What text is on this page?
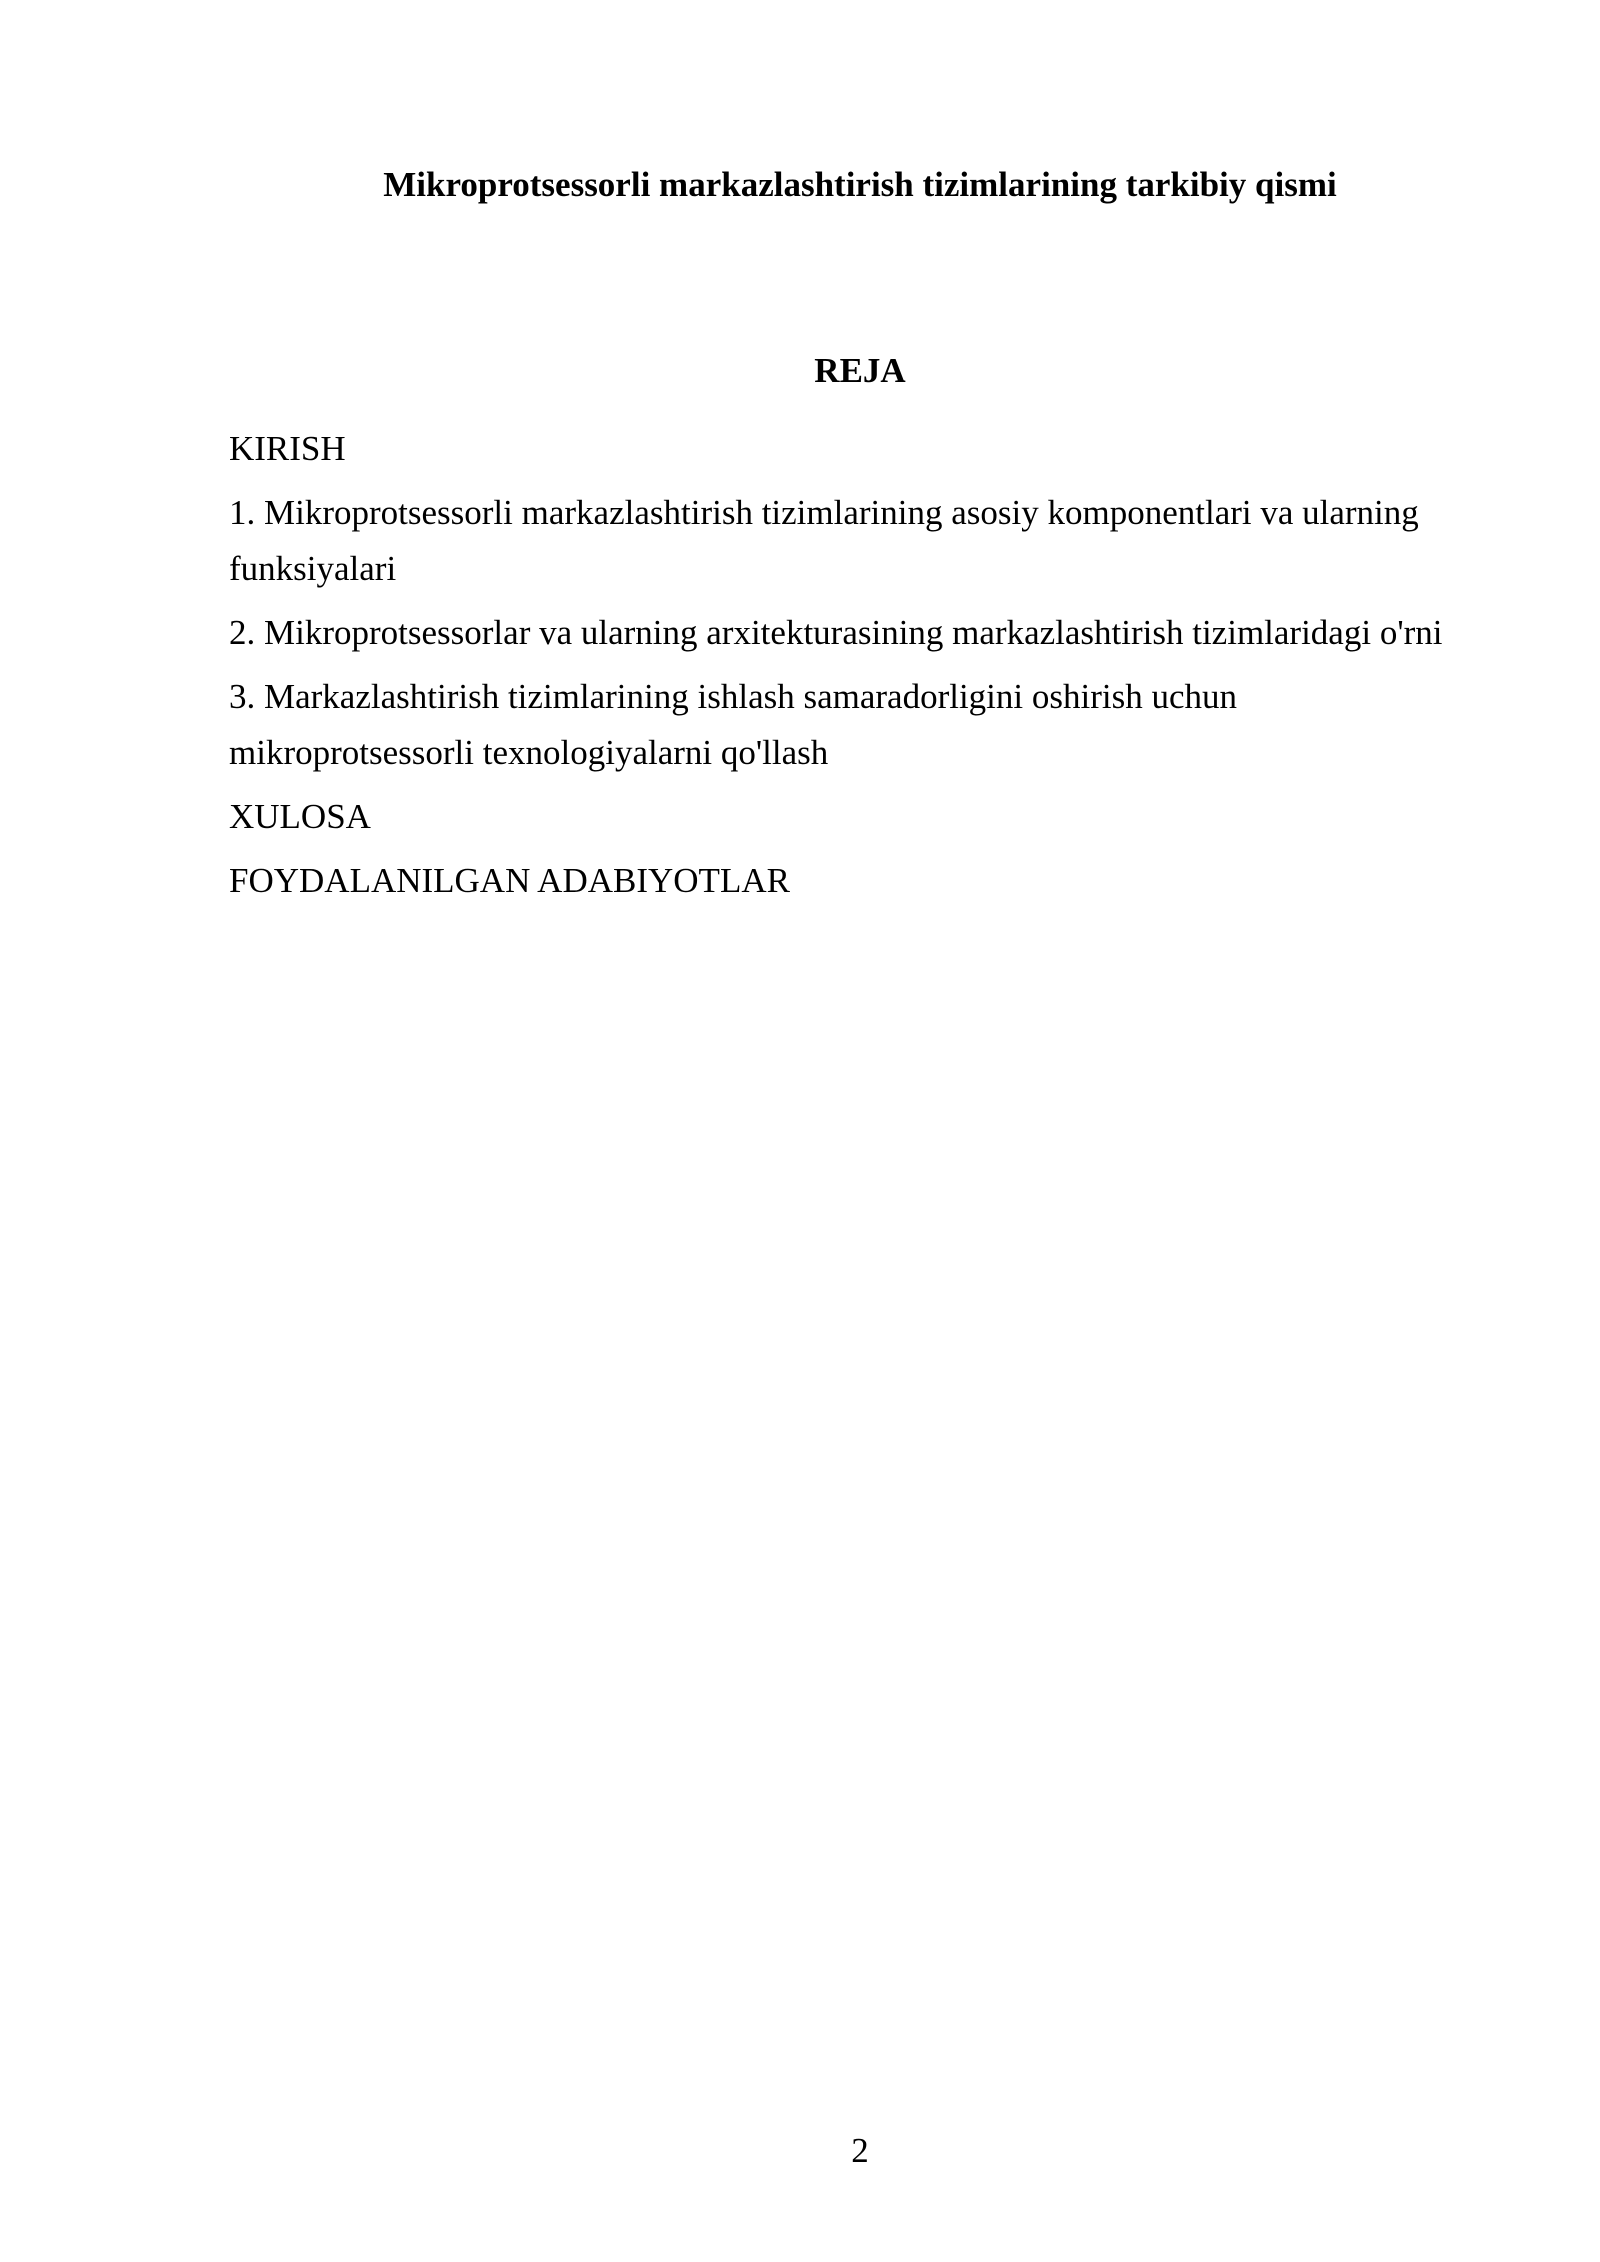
Mikroprotsessorli markazlashtirish tizimlarining tarkibiy qismi
REJA

KIRISH

1. Mikroprotsessorli markazlashtirish tizimlarining asosiy komponentlari va ularning funksiyalari

2. Mikroprotsessorlar va ularning arxitekturasining markazlashtirish tizimlaridagi o'rni

3. Markazlashtirish tizimlarining ishlash samaradorligini oshirish uchun mikroprotsessorli texnologiyalarni qo'llash

XULOSA

FOYDALANILGAN ADABIYOTLAR

2
